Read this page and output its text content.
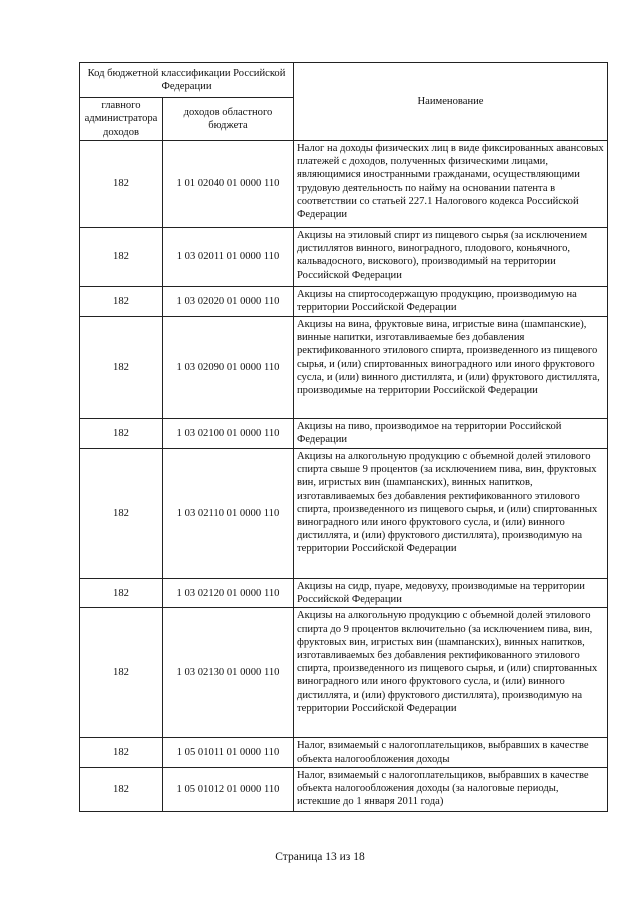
Код бюджетной классификации Российской Федерации		Наименование
главного администратора доходов	доходов областного бюджета	
182	1 01 02040 01 0000 110	Налог на доходы физических лиц в виде фиксированных авансовых платежей с доходов, полученных физическими лицами, являющимися иностранными гражданами, осуществляющими трудовую деятельность по найму на основании патента в соответствии со статьей 227.1 Налогового кодекса Российской Федерации
182	1 03 02011 01 0000 110	Акцизы на этиловый спирт из пищевого сырья (за исключением дистиллятов винного, виноградного, плодового, коньячного, кальвадосного, вискового), производимый на территории Российской Федерации
182	1 03 02020 01 0000 110	Акцизы на спиртосодержащую продукцию, производимую на территории Российской Федерации
182	1 03 02090 01 0000 110	Акцизы на вина, фруктовые вина, игристые вина (шампанские), винные напитки, изготавливаемые без добавления ректификованного этилового спирта, произведенного из пищевого сырья, и (или) спиртованных виноградного или иного фруктового сусла, и (или) винного дистиллята, и (или) фруктового дистиллята, производимые на территории Российской Федерации
182	1 03 02100 01 0000 110	Акцизы на пиво, производимое на территории Российской Федерации
182	1 03 02110 01 0000 110	Акцизы на алкогольную продукцию с объемной долей этилового спирта свыше 9 процентов (за исключением пива, вин, фруктовых вин, игристых вин (шампанских), винных напитков, изготавливаемых без добавления ректификованного этилового спирта, произведенного из пищевого сырья, и (или) спиртованных виноградного или иного фруктового сусла, и (или) винного дистиллята, и (или) фруктового дистиллята), производимую на территории Российской Федерации
182	1 03 02120 01 0000 110	Акцизы на сидр, пуаре, медовуху, производимые на территории Российской Федерации
182	1 03 02130 01 0000 110	Акцизы на алкогольную продукцию с объемной долей этилового спирта до 9 процентов включительно (за исключением пива, вин, фруктовых вин, игристых вин (шампанских), винных напитков, изготавливаемых без добавления ректификованного этилового спирта, произведенного из пищевого сырья, и (или) спиртованных виноградного или иного фруктового сусла, и (или) винного дистиллята, и (или) фруктового дистиллята), производимую на территории Российской Федерации
182	1 05 01011 01 0000 110	Налог, взимаемый с налогоплательщиков, выбравших в качестве объекта налогообложения доходы
182	1 05 01012 01 0000 110	Налог, взимаемый с налогоплательщиков, выбравших в качестве объекта налогообложения доходы (за налоговые периоды, истекшие до 1 января 2011 года)
Страница 13 из 18
